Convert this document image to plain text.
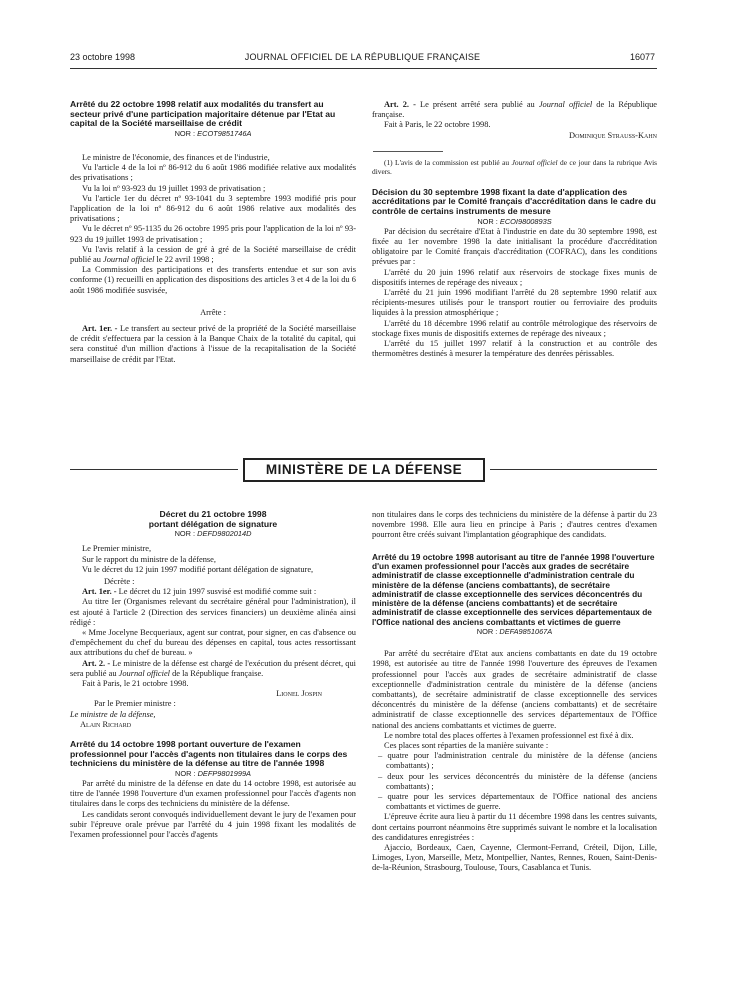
23 octobre 1998	JOURNAL OFFICIEL DE LA RÉPUBLIQUE FRANÇAISE	16077

Arrêté du 22 octobre 1998 relatif aux modalités du transfert au secteur privé d'une participation majoritaire détenue par l'Etat au capital de la Société marseillaise de crédit

NOR : ECOT9851746A

Le ministre de l'économie, des finances et de l'industrie,

Vu l'article 4 de la loi nº 86-912 du 6 août 1986 modifiée relative aux modalités des privatisations ;

Vu la loi nº 93-923 du 19 juillet 1993 de privatisation ;

Vu l'article 1er du décret nº 93-1041 du 3 septembre 1993 modifié pris pour l'application de la loi nº 86-912 du 6 août 1986 relative aux modalités des privatisations ;

Vu le décret nº 95-1135 du 26 octobre 1995 pris pour l'application de la loi nº 93-923 du 19 juillet 1993 de privatisation ;

Vu l'avis relatif à la cession de gré à gré de la Société marseillaise de crédit publié au Journal officiel le 22 avril 1998 ;

La Commission des participations et des transferts entendue et sur son avis conforme (1) recueilli en application des dispositions des articles 3 et 4 de la loi du 6 août 1986 modifiée susvisée,

Arrête :

Art. 1er. - Le transfert au secteur privé de la propriété de la Société marseillaise de crédit s'effectuera par la cession à la Banque Chaix de la totalité du capital, qui sera constitué d'un million d'actions à l'issue de la recapitalisation de la Société marseillaise de crédit par l'Etat.

Art. 2. - Le présent arrêté sera publié au Journal officiel de la République française.

Fait à Paris, le 22 octobre 1998.

Dominique Strauss-Kahn

(1) L'avis de la commission est publié au Journal officiel de ce jour dans la rubrique Avis divers.

Décision du 30 septembre 1998 fixant la date d'application des accréditations par le Comité français d'accréditation dans le cadre du contrôle de certains instruments de mesure

NOR : ECOI9800893S

Par décision du secrétaire d'Etat à l'industrie en date du 30 septembre 1998, est fixée au 1er novembre 1998 la date initialisant la procédure d'accréditation obligatoire par le Comité français d'accréditation (COFRAC), dans les conditions prévues par :

L'arrêté du 20 juin 1996 relatif aux réservoirs de stockage fixes munis de dispositifs internes de repérage des niveaux ;

L'arrêté du 21 juin 1996 modifiant l'arrêté du 28 septembre 1990 relatif aux récipients-mesures utilisés pour le transport routier ou ferroviaire des produits liquides à la pression atmosphérique ;

L'arrêté du 18 décembre 1996 relatif au contrôle métrologique des réservoirs de stockage fixes munis de dispositifs externes de repérage des niveaux ;

L'arrêté du 15 juillet 1997 relatif à la construction et au contrôle des thermomètres destinés à mesurer la température des denrées périssables.

MINISTÈRE DE LA DÉFENSE

Décret du 21 octobre 1998

portant délégation de signature

NOR : DEFD9802014D

Le Premier ministre,

Sur le rapport du ministre de la défense,

Vu le décret du 12 juin 1997 modifié portant délégation de signature,

Décrète :

Art. 1er. - Le décret du 12 juin 1997 susvisé est modifié comme suit :

Au titre Ier (Organismes relevant du secrétaire général pour l'administration), il est ajouté à l'article 2 (Direction des services financiers) un deuxième alinéa ainsi rédigé :

« Mme Jocelyne Becqueriaux, agent sur contrat, pour signer, en cas d'absence ou d'empêchement du chef du bureau des dépenses en capital, tous actes ressortissant aux attributions du chef de bureau. »

Art. 2. - Le ministre de la défense est chargé de l'exécution du présent décret, qui sera publié au Journal officiel de la République française.

Fait à Paris, le 21 octobre 1998.

Lionel Jospin

Par le Premier ministre :

Le ministre de la défense,

Alain Richard

Arrêté du 14 octobre 1998 portant ouverture de l'examen professionnel pour l'accès d'agents non titulaires dans le corps des techniciens du ministère de la défense au titre de l'année 1998

NOR : DEFP9801999A

Par arrêté du ministre de la défense en date du 14 octobre 1998, est autorisée au titre de l'année 1998 l'ouverture d'un examen professionnel pour l'accès d'agents non titulaires dans le corps des techniciens du ministère de la défense.

Les candidats seront convoqués individuellement devant le jury de l'examen pour subir l'épreuve orale prévue par l'arrêté du 4 juin 1998 fixant les modalités de l'examen professionnel pour l'accès d'agents

non titulaires dans le corps des techniciens du ministère de la défense à partir du 23 novembre 1998. Elle aura lieu en principe à Paris ; d'autres centres d'examen pourront être créés suivant l'implantation géographique des candidats.

Arrêté du 19 octobre 1998 autorisant au titre de l'année 1998 l'ouverture d'un examen professionnel pour l'accès aux grades de secrétaire administratif de classe exceptionnelle d'administration centrale du ministère de la défense (anciens combattants), de secrétaire administratif de classe exceptionnelle des services déconcentrés du ministère de la défense (anciens combattants) et de secrétaire administratif de classe exceptionnelle des services départementaux de l'Office national des anciens combattants et victimes de guerre

NOR : DEFA9851067A

Par arrêté du secrétaire d'Etat aux anciens combattants en date du 19 octobre 1998, est autorisée au titre de l'année 1998 l'ouverture des épreuves de l'examen professionnel pour l'accès aux grades de secrétaire administratif de classe exceptionnelle d'administration centrale du ministère de la défense (anciens combattants), de secrétaire administratif de classe exceptionnelle des services déconcentrés du ministère de la défense (anciens combattants) et de secrétaire administratif de classe exceptionnelle des services départementaux de l'Office national des anciens combattants et victimes de guerre.

Le nombre total des places offertes à l'examen professionnel est fixé à dix.

Ces places sont réparties de la manière suivante :

– quatre pour l'administration centrale du ministère de la défense (anciens combattants) ;

– deux pour les services déconcentrés du ministère de la défense (anciens combattants) ;

– quatre pour les services départementaux de l'Office national des anciens combattants et victimes de guerre.

L'épreuve écrite aura lieu à partir du 11 décembre 1998 dans les centres suivants, dont certains pourront néanmoins être supprimés suivant le nombre et la localisation des candidatures enregistrées :

Ajaccio, Bordeaux, Caen, Cayenne, Clermont-Ferrand, Créteil, Dijon, Lille, Limoges, Lyon, Marseille, Metz, Montpellier, Nantes, Rennes, Rouen, Saint-Denis-de-la-Réunion, Strasbourg, Toulouse, Tours, Casablanca et Tunis.
